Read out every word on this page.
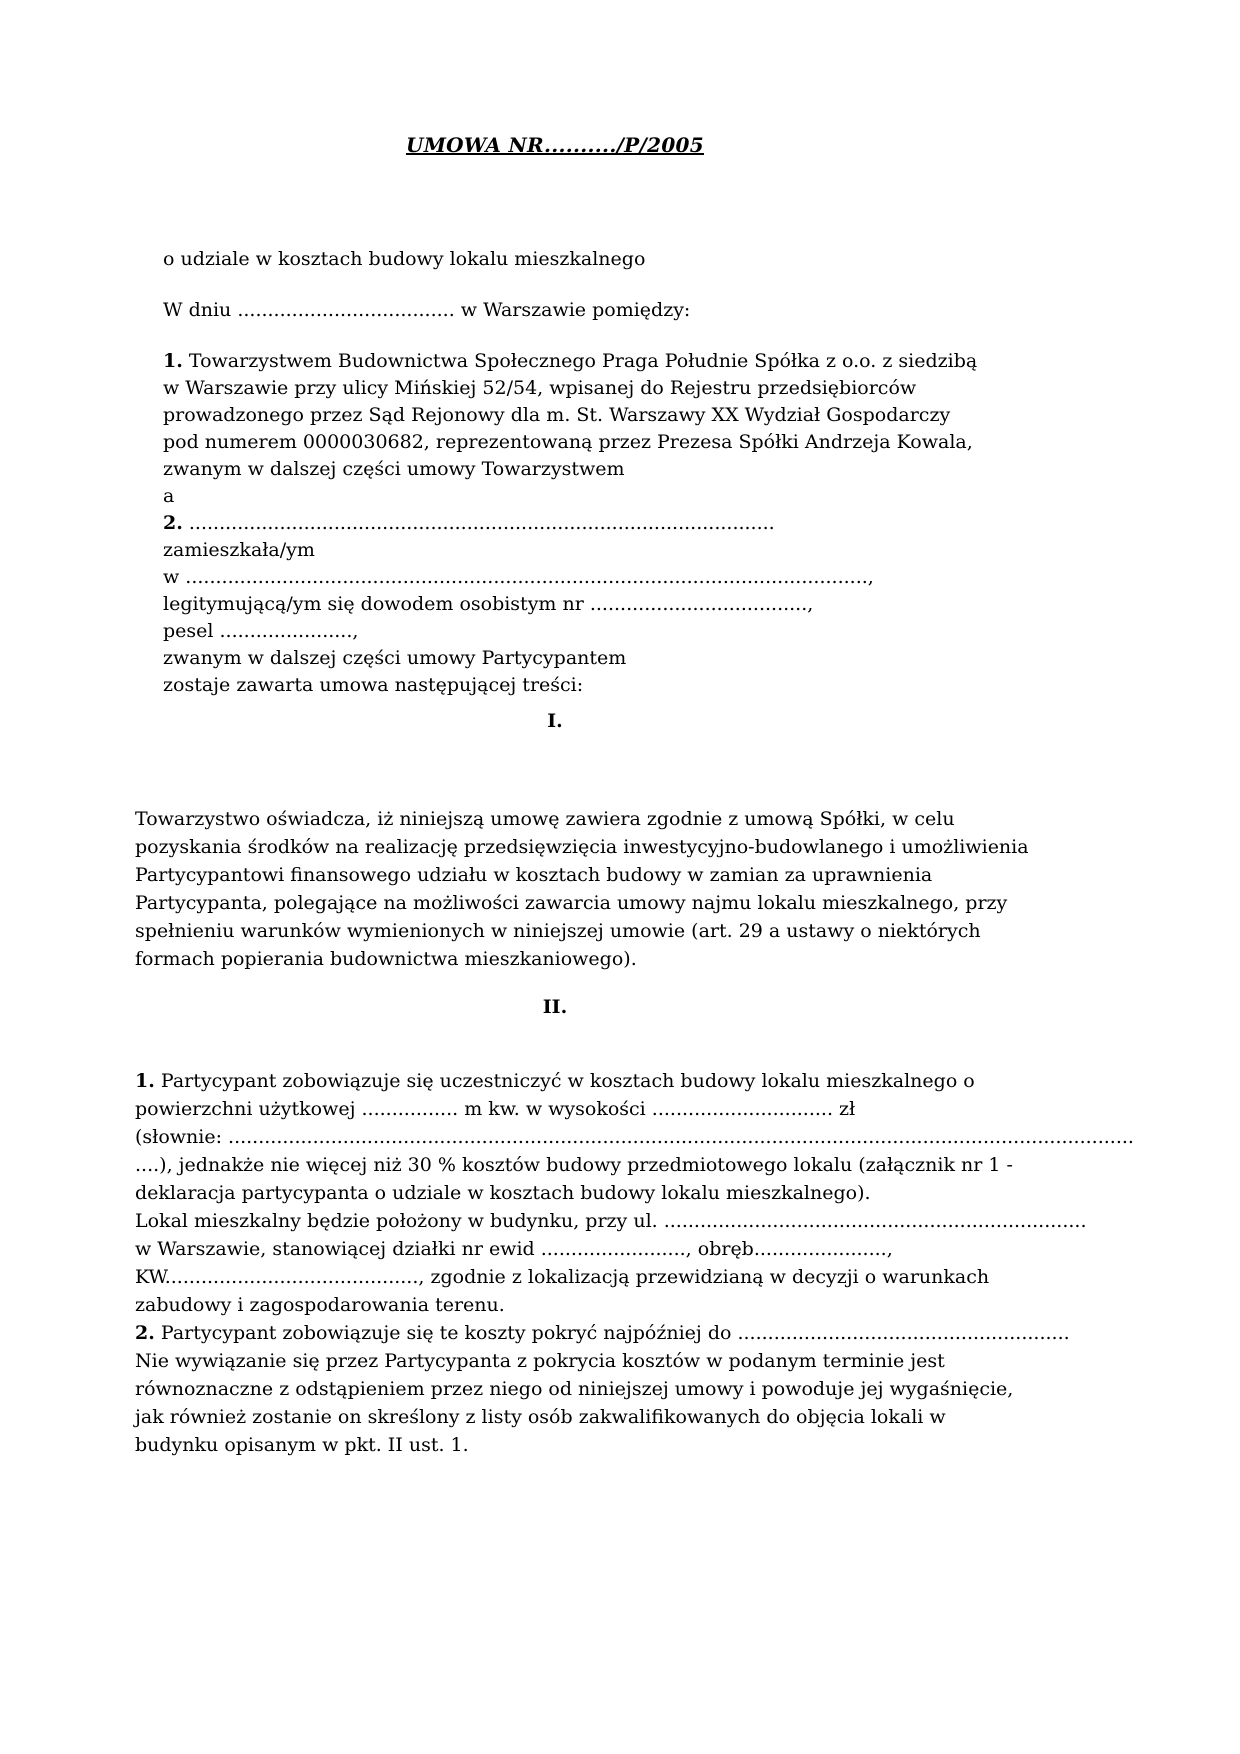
UMOWA NR........../P/2005
o udziale w kosztach budowy lokalu mieszkalnego
W dniu .................................... w Warszawie pomiędzy:
1. Towarzystwem Budownictwa Społecznego Praga Południe Spółka z o.o. z siedzibą
w Warszawie przy ulicy Mińskiej 52/54, wpisanej do Rejestru przedsiębiorców
prowadzonego przez Sąd Rejonowy dla m. St. Warszawy XX Wydział Gospodarczy
pod numerem 0000030682, reprezentowaną przez Prezesa Spółki Andrzeja Kowala,
zwanym w dalszej części umowy Towarzystwem
a
2. .................................................................................................
zamieszkała/ym
w .................................................................................................................,
legitymującą/ym się dowodem osobistym nr ....................................,
pesel ......................,
zwanym w dalszej części umowy Partycypantem
zostaje zawarta umowa następującej treści:
I.
Towarzystwo oświadcza, iż niniejszą umowę zawiera zgodnie z umową Spółki, w celu
pozyskania środków na realizację przedsięwzięcia inwestycyjno-budowlanego i umożliwienia
Partycypantowi finansowego udziału w kosztach budowy w zamian za uprawnienia
Partycypanta, polegające na możliwości zawarcia umowy najmu lokalu mieszkalnego, przy
spełnieniu warunków wymienionych w niniejszej umowie (art. 29 a ustawy o niektórych
formach popierania budownictwa mieszkaniowego).
II.
1. Partycypant zobowiązuje się uczestniczyć w kosztach budowy lokalu mieszkalnego o
powierzchni użytkowej ................ m kw. w wysokości .............................. zł
(słownie: ......................................................................................................................................................
....), jednakże nie więcej niż 30 % kosztów budowy przedmiotowego lokalu (załącznik nr 1 -
deklaracja partycypanta o udziale w kosztach budowy lokalu mieszkalnego).
Lokal mieszkalny będzie położony w budynku, przy ul. ......................................................................
w Warszawie, stanowiącej działki nr ewid ........................, obręb......................,
KW.........................................., zgodnie z lokalizacją przewidzianą w decyzji o warunkach
zabudowy i zagospodarowania terenu.
2. Partycypant zobowiązuje się te koszty pokryć najpóźniej do .......................................................
Nie wywiązanie się przez Partycypanta z pokrycia kosztów w podanym terminie jest
równoznaczne z odstąpieniem przez niego od niniejszej umowy i powoduje jej wygaśnięcie,
jak również zostanie on skreślony z listy osób zakwalifikowanych do objęcia lokali w
budynku opisanym w pkt. II ust. 1.
